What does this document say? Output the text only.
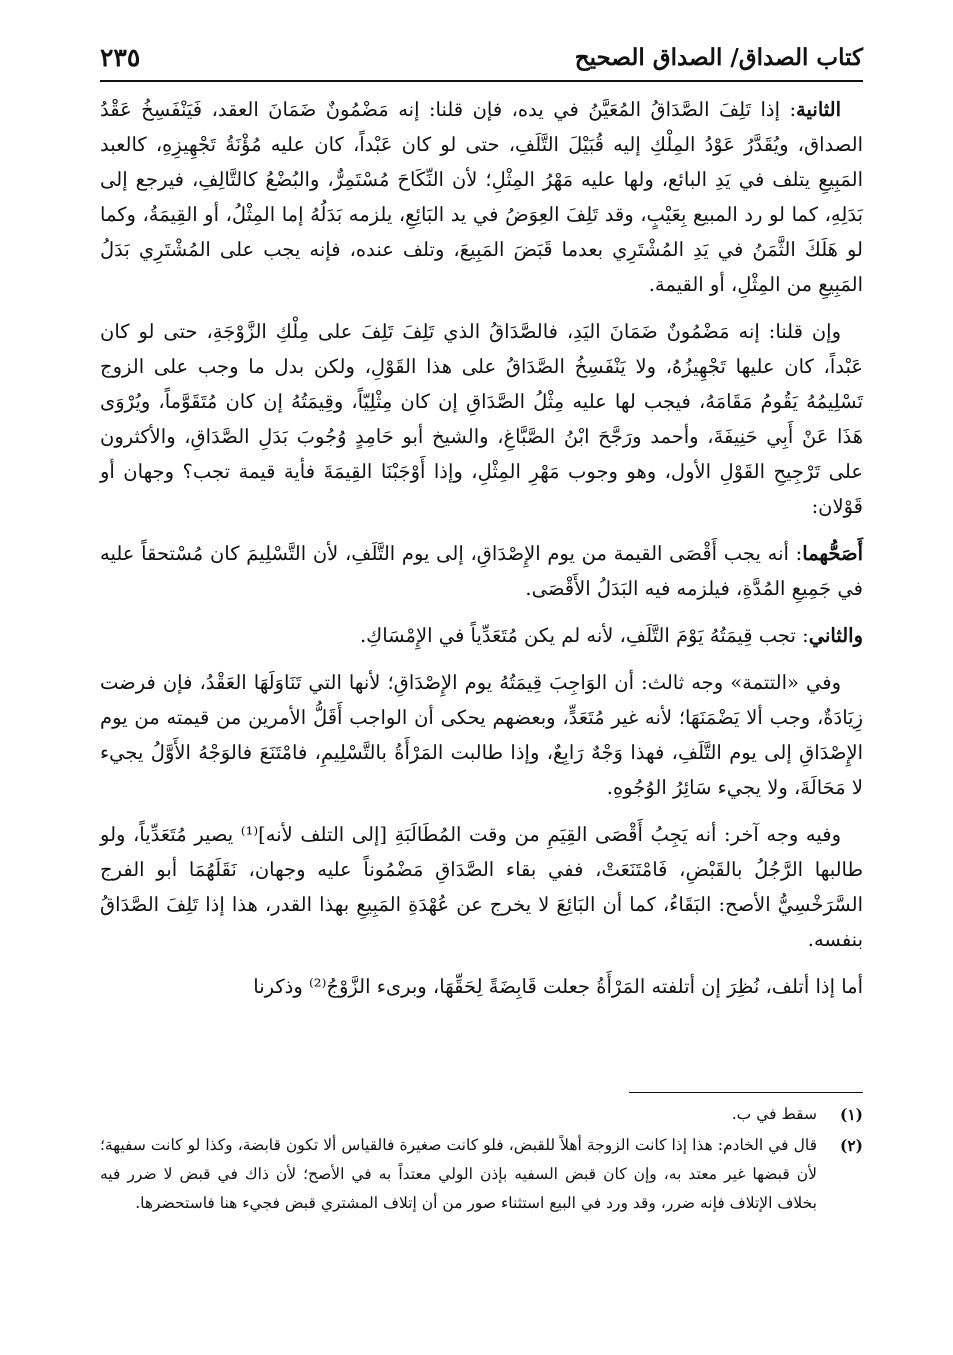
٢٣٥	كتاب الصداق/ الصداق الصحيح

الثانية: إذا تَلِفَ الصَّدَاقُ المُعَيَّنُ في يده، فإن قلنا: إنه مَضْمُونٌ ضَمَانَ العقد، فَيَنْفَسِخُ عَقْدُ الصداق، ويُقَدَّرُ عَوْدُ المِلْكِ إليه قُبَيْلَ التَّلَفِ، حتى لو كان عَبْداً، كان عليه مُؤْنَةُ تَجْهِيزِهِ، كالعبد المَبِيعِ يتلف في يَدِ البائع، ولها عليه مَهْرُ المِثْلِ؛ لأن النِّكَاحَ مُسْتَمِرٌّ، والبُضْعُ كالتَّالِفِ، فيرجع إلى بَدَلِهِ، كما لو رد المبيع بِعَيْبٍ، وقد تَلِفَ العِوَضُ في يد البَائِعِ، يلزمه بَدَلُهُ إما المِثْلُ، أو القِيمَةُ، وكما لو هَلَكَ الثَّمَنُ في يَدِ المُشْتَرِي بعدما قَبَضَ المَبِيعَ، وتلف عنده، فإنه يجب على المُشْتَرِي بَدَلُ المَبِيعِ من المِثْلِ، أو القيمة.

وإن قلنا: إنه مَضْمُونٌ ضَمَانَ اليَدِ، فالصَّدَاقُ الذي تَلِفَ تَلِفَ على مِلْكِ الزَّوْجَةِ، حتى لو كان عَبْداً، كان عليها تَجْهِيزُهُ، ولا يَنْفَسِخُ الصَّدَاقُ على هذا القَوْلِ، ولكن بدل ما وجب على الزوج تَسْلِيمُهُ يَقُومُ مَقَامَهُ، فيجب لها عليه مِثْلُ الصَّدَاقِ إن كان مِثْلِيّاً، وقِيمَتُهُ إن كان مُتَقَوَّماً، ويُرْوَى هَذَا عَنْ أَبِي حَنِيفَةَ، وأحمد ورَجَّحَ ابْنُ الصَّبَّاغِ، والشيخ أبو حَامِدٍ وُجُوبَ بَدَلِ الصَّدَاقِ، والأكثرون على تَرْجِيحِ القَوْلِ الأول، وهو وجوب مَهْرِ المِثْلِ، وإذا أَوْجَبْنَا القِيمَةَ فأية قيمة تجب؟ وجهان أو قَوْلان:

أَصَحُّهما: أنه يجب أَقْصَى القيمة من يوم الإِصْدَاقِ، إلى يوم التَّلَفِ، لأن التَّسْلِيمَ كان مُسْتحقاً عليه في جَمِيعِ المُدَّةِ، فيلزمه فيه البَدَلُ الأَقْصَى.

والثاني: تجب قِيمَتُهُ يَوْمَ التَّلَفِ، لأنه لم يكن مُتَعَدِّياً في الإِمْسَاكِ.

وفي «التتمة» وجه ثالث: أن الوَاجِبَ قِيمَتُهُ يوم الإِصْدَاقِ؛ لأنها التي تَنَاوَلَهَا العَقْدُ، فإن فرضت زِيَادَةٌ، وجب ألا يَضْمَنَهَا؛ لأنه غير مُتَعَدٍّ، وبعضهم يحكى أن الواجب أَقَلُّ الأمرين من قيمته من يوم الإِصْدَاقِ إلى يوم التَّلَفِ، فهذا وَجْهٌ رَابِعٌ، وإذا طالبت المَرْأَةُ بالتَّسْلِيمِ، فامْتَنَعَ فالوَجْهُ الأَوَّلُ يجيء لا مَحَالَةَ، ولا يجيء سَائِرُ الوُجُوهِ.

وفيه وجه آخر: أنه يَجِبُ أَقْصَى القِيَمِ من وقت المُطَالَبَةِ [إلى التلف لأنه]⁽¹⁾ يصير مُتَعَدِّياً، ولو طالبها الرَّجُلُ بالقَبْضِ، فَامْتَنَعَتْ، ففي بقاء الصَّدَاقِ مَضْمُوناً عليه وجهان، نَقَلَهُمَا أبو الفرج السَّرَخْسِيُّ الأصح: البَقَاءُ، كما أن البَائِعَ لا يخرج عن عُهْدَةِ المَبِيعِ بهذا القدر، هذا إذا تَلِفَ الصَّدَاقُ بنفسه.

أما إذا أتلف، نُظِرَ إن أتلفته المَرْأَةُ جعلت قَابِضَةً لِحَقِّهَا، وبرىء الزَّوْجُ⁽²⁾ وذكرنا

(١)
سقط في ب.
(٢)
قال في الخادم: هذا إذا كانت الزوجة أهلاً للقبض، فلو كانت صغيرة فالقياس ألا تكون قابضة، وكذا لو كانت سفيهة؛ لأن قبضها غير معتد به، وإن كان قبض السفيه بإذن الولي معتداً به في الأصح؛ لأن ذاك في قبض لا ضرر فيه بخلاف الإتلاف فإنه ضرر، وقد ورد في البيع استثناء صور من أن إتلاف المشتري قبض فجيء هنا فاستحضرها.
